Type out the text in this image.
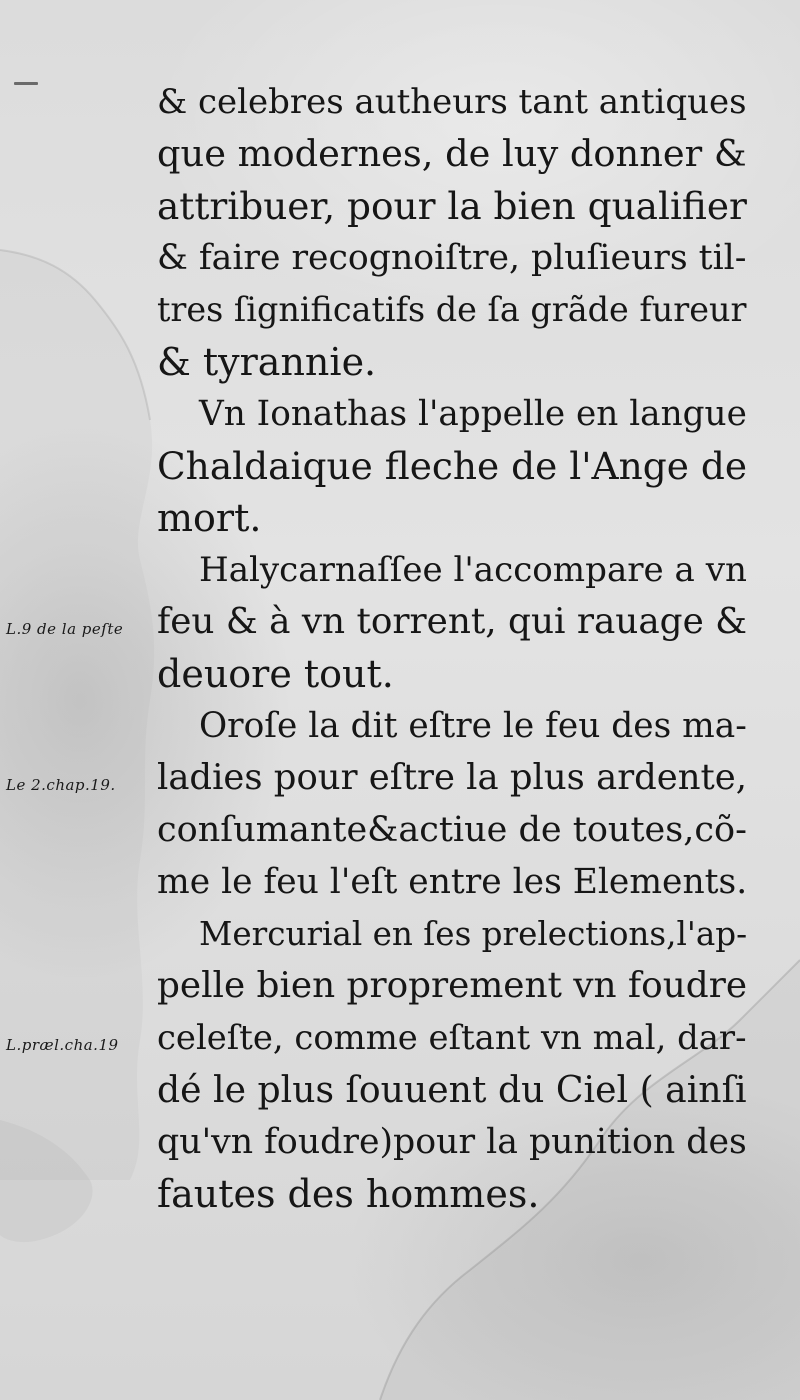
& celebres autheurs tant antiques
que modernes, de luy donner &
attribuer, pour la bien qualifier
& faire recognoiſtre, pluſieurs til-
tres ſignificatifs de ſa grãde fureur
& tyrannie.
Vn Ionathas l'appelle en langue
Chaldaique fleche de l'Ange de
mort.
Halycarnaſſee l'accompare a vn
feu & à vn torrent, qui rauage &
deuore tout.
Oroſe la dit eſtre le feu des ma-
ladies pour eſtre la plus ardente,
conſumante&actiue de toutes,cõ-
me le feu l'eſt entre les Elements.
Mercurial en ſes prelections,l'ap-
pelle bien proprement vn foudre
celeſte, comme eſtant vn mal, dar-
dé le plus ſouuent du Ciel ( ainſi
qu'vn foudre)pour la punition des
fautes des hommes.
L.9 de la peſte
Le 2.chap.19.
L.præl.cha.19
